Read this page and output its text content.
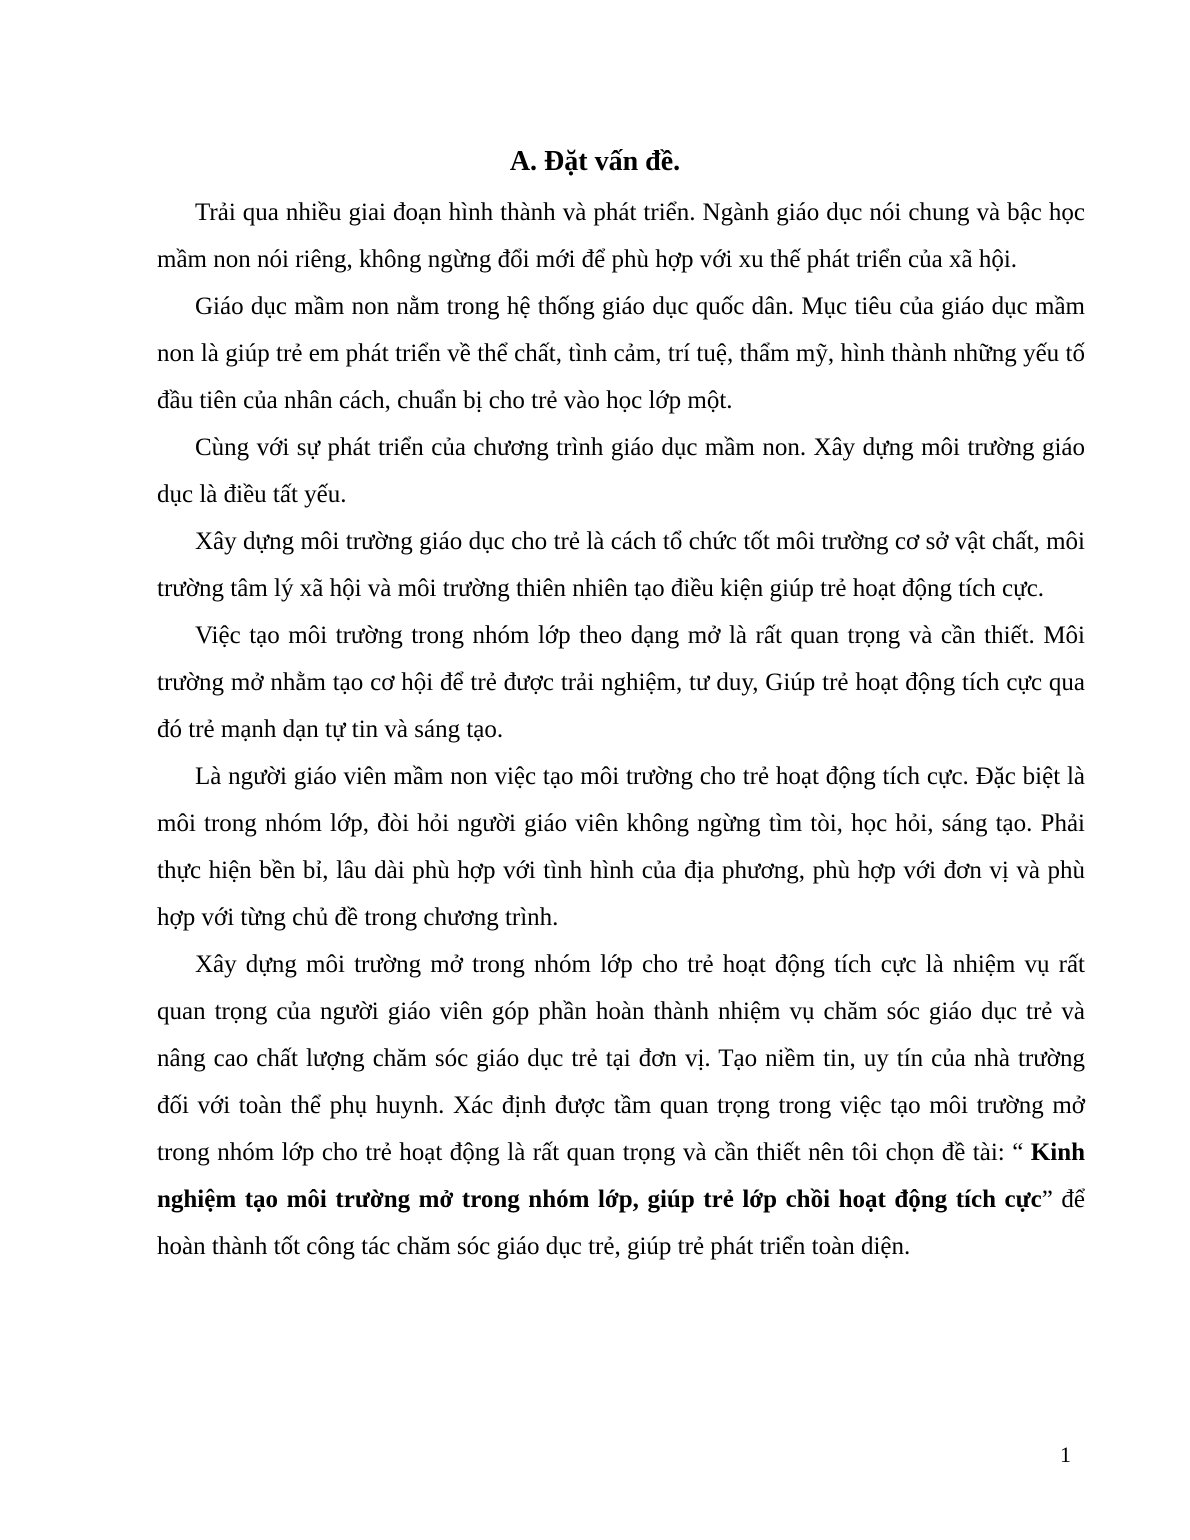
A. Đặt vấn đề.

Trải qua nhiều giai đoạn hình thành và phát triển. Ngành giáo dục nói chung và bậc học mầm non nói riêng, không ngừng đổi mới để phù hợp với xu thế phát triển của xã hội.

Giáo dục mầm non nằm trong hệ thống giáo dục quốc dân. Mục tiêu của giáo dục mầm non là giúp trẻ em phát triển về thể chất, tình cảm, trí tuệ, thẩm mỹ, hình thành những yếu tố đầu tiên của nhân cách, chuẩn bị cho trẻ vào học lớp một.

Cùng với sự phát triển của chương trình giáo dục mầm non. Xây dựng môi trường giáo dục là điều tất yếu.

Xây dựng môi trường giáo dục cho trẻ là cách tổ chức tốt môi trường cơ sở vật chất, môi trường tâm lý xã hội và môi trường thiên nhiên tạo điều kiện giúp trẻ hoạt động tích cực.

Việc tạo môi trường trong nhóm lớp theo dạng mở là rất quan trọng và cần thiết. Môi trường mở nhằm tạo cơ hội để trẻ được trải nghiệm, tư duy, Giúp trẻ hoạt động tích cực qua đó trẻ mạnh dạn tự tin và sáng tạo.

Là người giáo viên mầm non việc tạo môi trường cho trẻ hoạt động tích cực. Đặc biệt là môi trong nhóm lớp, đòi hỏi người giáo viên không ngừng tìm tòi, học hỏi, sáng tạo. Phải thực hiện bền bỉ, lâu dài phù hợp với tình hình của địa phương, phù hợp với đơn vị và phù hợp với từng chủ đề trong chương trình.

Xây dựng môi trường mở trong nhóm lớp cho trẻ hoạt động tích cực là nhiệm vụ rất quan trọng của người giáo viên góp phần hoàn thành nhiệm vụ chăm sóc giáo dục trẻ và nâng cao chất lượng chăm sóc giáo dục trẻ tại đơn vị. Tạo niềm tin, uy tín của nhà trường đối với toàn thể phụ huynh. Xác định được tầm quan trọng trong việc tạo môi trường mở trong nhóm lớp cho trẻ hoạt động là rất quan trọng và cần thiết nên tôi chọn đề tài: “ Kinh nghiệm tạo môi trường mở trong nhóm lớp, giúp trẻ lớp chồi hoạt động tích cực” để hoàn thành tốt công tác chăm sóc giáo dục trẻ, giúp trẻ phát triển toàn diện.

1
